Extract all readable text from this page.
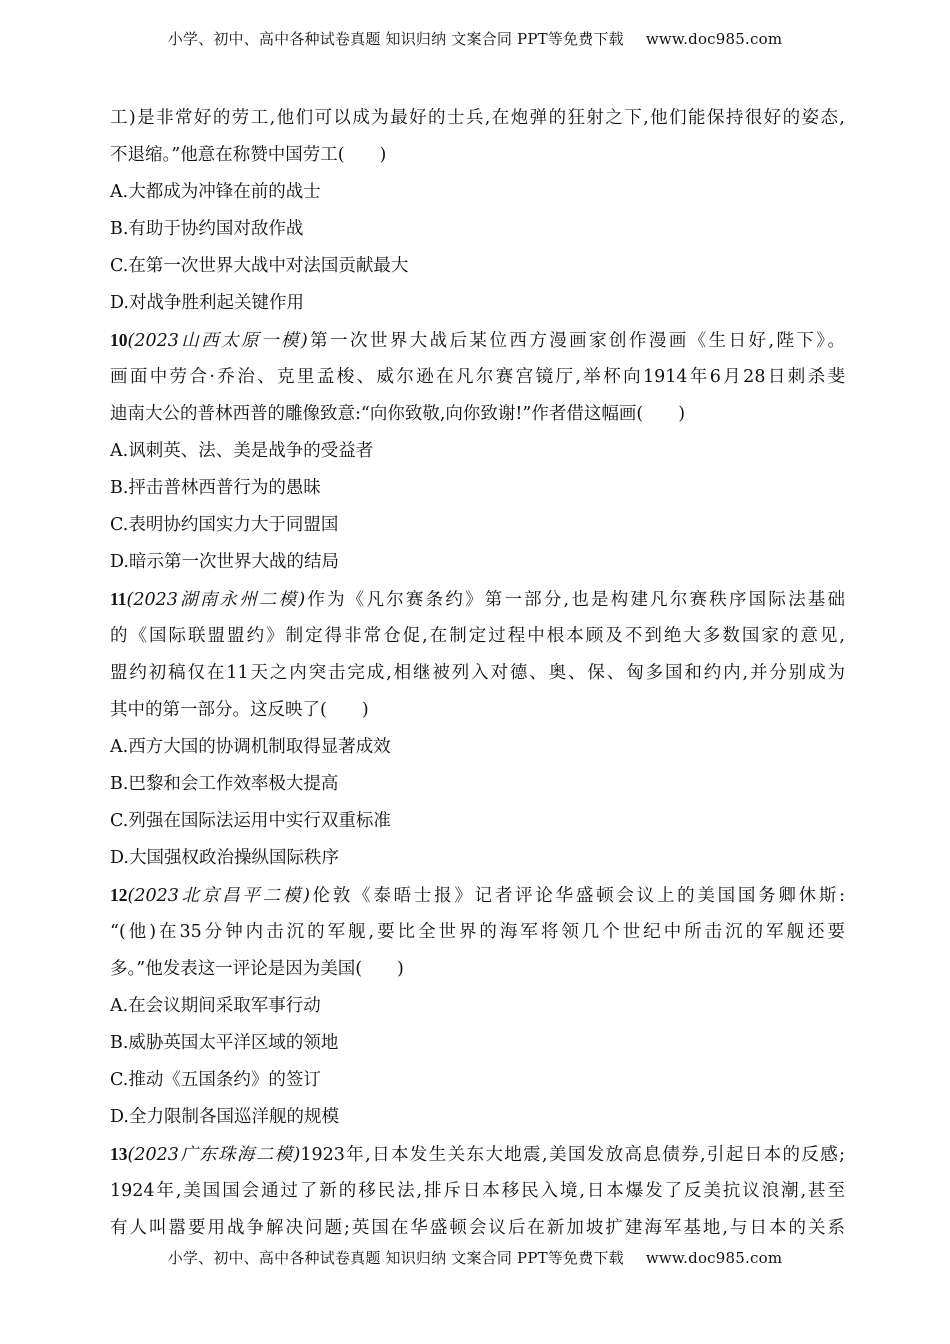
小学、初中、高中各种试卷真题 知识归纳 文案合同 PPT等免费下载 www.doc985.com
工)是非常好的劳工,他们可以成为最好的士兵,在炮弹的狂射之下,他们能保持很好的姿态,
不退缩。”他意在称赞中国劳工(　　)
A.大都成为冲锋在前的战士
B.有助于协约国对敌作战
C.在第一次世界大战中对法国贡献最大
D.对战争胜利起关键作用
10(2023山西太原一模)第一次世界大战后某位西方漫画家创作漫画《生日好,陛下》。
画面中劳合·乔治、克里孟梭、威尔逊在凡尔赛宫镜厅,举杯向1914年6月28日刺杀斐
迪南大公的普林西普的雕像致意:“向你致敬,向你致谢!”作者借这幅画(　　)
A.讽刺英、法、美是战争的受益者
B.抨击普林西普行为的愚昧
C.表明协约国实力大于同盟国
D.暗示第一次世界大战的结局
11(2023湖南永州二模)作为《凡尔赛条约》第一部分,也是构建凡尔赛秩序国际法基础
的《国际联盟盟约》制定得非常仓促,在制定过程中根本顾及不到绝大多数国家的意见,
盟约初稿仅在11天之内突击完成,相继被列入对德、奥、保、匈多国和约内,并分别成为
其中的第一部分。这反映了(　　)
A.西方大国的协调机制取得显著成效
B.巴黎和会工作效率极大提高
C.列强在国际法运用中实行双重标准
D.大国强权政治操纵国际秩序
12(2023北京昌平二模)伦敦《泰晤士报》记者评论华盛顿会议上的美国国务卿休斯:
“(他)在35分钟内击沉的军舰,要比全世界的海军将领几个世纪中所击沉的军舰还要
多。”他发表这一评论是因为美国(　　)
A.在会议期间采取军事行动
B.威胁英国太平洋区域的领地
C.推动《五国条约》的签订
D.全力限制各国巡洋舰的规模
13(2023广东珠海二模)1923年,日本发生关东大地震,美国发放高息债券,引起日本的反感;
1924年,美国国会通过了新的移民法,排斥日本移民入境,日本爆发了反美抗议浪潮,甚至
有人叫嚣要用战争解决问题;英国在华盛顿会议后在新加坡扩建海军基地,与日本的关系
小学、初中、高中各种试卷真题 知识归纳 文案合同 PPT等免费下载 www.doc985.com
